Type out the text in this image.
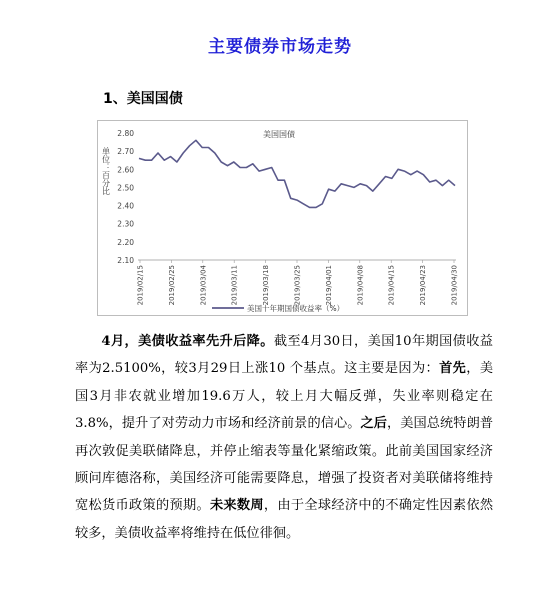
主要债券市场走势
1、美国国债
美国国债
单位：百分比
2.80
2.70
2.60
2.50
2.40
2.30
2.20
2.10
2019/02/15	2019/02/25	2019/03/04	2019/03/11	2019/03/18	2019/03/25	2019/04/01	2019/04/08	2019/04/15	2019/04/23	2019/04/30
美国十年期国债收益率（%）
4月，美债收益率先升后降。截至4月30日，美国10年期国债收益率为2.5100%，较3月29日上涨10 个基点。这主要是因为：首先，美国3月非农就业增加19.6万人，较上月大幅反弹，失业率则稳定在3.8%，提升了对劳动力市场和经济前景的信心。之后，美国总统特朗普再次敦促美联储降息，并停止缩表等量化紧缩政策。此前美国国家经济顾问库德洛称，美国经济可能需要降息，增强了投资者对美联储将维持宽松货币政策的预期。未来数周，由于全球经济中的不确定性因素依然较多，美债收益率将维持在低位徘徊。
